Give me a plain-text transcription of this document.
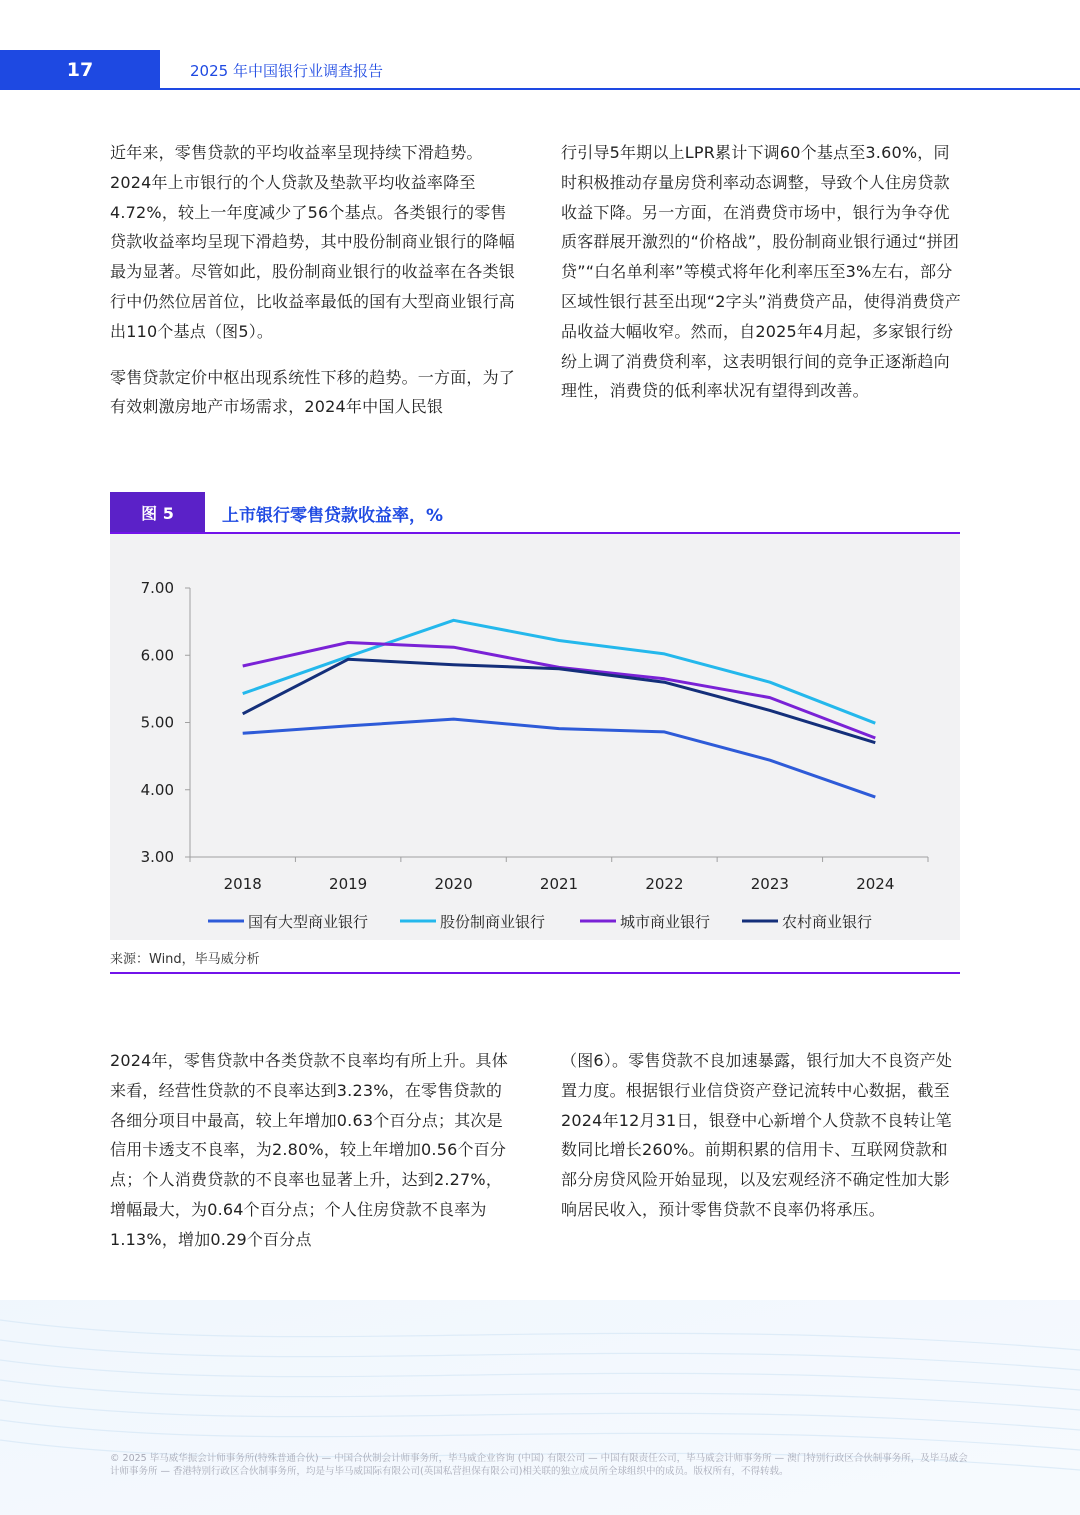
17	2025 年中国银行业调查报告

近年来，零售贷款的平均收益率呈现持续下滑趋势。2024年上市银行的个人贷款及垫款平均收益率降至4.72%，较上一年度减少了56个基点。各类银行的零售贷款收益率均呈现下滑趋势，其中股份制商业银行的降幅最为显著。尽管如此，股份制商业银行的收益率在各类银行中仍然位居首位，比收益率最低的国有大型商业银行高出110个基点（图5）。

零售贷款定价中枢出现系统性下移的趋势。一方面，为了有效刺激房地产市场需求，2024年中国人民银

行引导5年期以上LPR累计下调60个基点至3.60%，同时积极推动存量房贷利率动态调整，导致个人住房贷款收益下降。另一方面，在消费贷市场中，银行为争夺优质客群展开激烈的“价格战”，股份制商业银行通过“拼团贷”“白名单利率”等模式将年化利率压至3%左右，部分区域性银行甚至出现“2字头”消费贷产品，使得消费贷产品收益大幅收窄。然而，自2025年4月起，多家银行纷纷上调了消费贷利率，这表明银行间的竞争正逐渐趋向理性，消费贷的低利率状况有望得到改善。

图 5	上市银行零售贷款收益率，%
3.00
4.00
5.00
6.00
7.00
2018	2019	2020	2021	2022	2023	2024
国有大型商业银行	股份制商业银行	城市商业银行	农村商业银行
来源：Wind，毕马威分析

2024年，零售贷款中各类贷款不良率均有所上升。具体来看，经营性贷款的不良率达到3.23%，在零售贷款的各细分项目中最高，较上年增加0.63个百分点；其次是信用卡透支不良率，为2.80%，较上年增加0.56个百分点；个人消费贷款的不良率也显著上升，达到2.27%，增幅最大，为0.64个百分点；个人住房贷款不良率为1.13%，增加0.29个百分点

（图6）。零售贷款不良加速暴露，银行加大不良资产处置力度。根据银行业信贷资产登记流转中心数据，截至2024年12月31日，银登中心新增个人贷款不良转让笔数同比增长260%。前期积累的信用卡、互联网贷款和部分房贷风险开始显现，以及宏观经济不确定性加大影响居民收入，预计零售贷款不良率仍将承压。

© 2025 毕马威华振会计师事务所(特殊普通合伙) — 中国合伙制会计师事务所，毕马威企业咨询 (中国) 有限公司 — 中国有限责任公司，毕马威会计师事务所 — 澳门特别行政区合伙制事务所，及毕马威会计师事务所 — 香港特别行政区合伙制事务所，均是与毕马威国际有限公司(英国私营担保有限公司)相关联的独立成员所全球组织中的成员。版权所有，不得转载。
